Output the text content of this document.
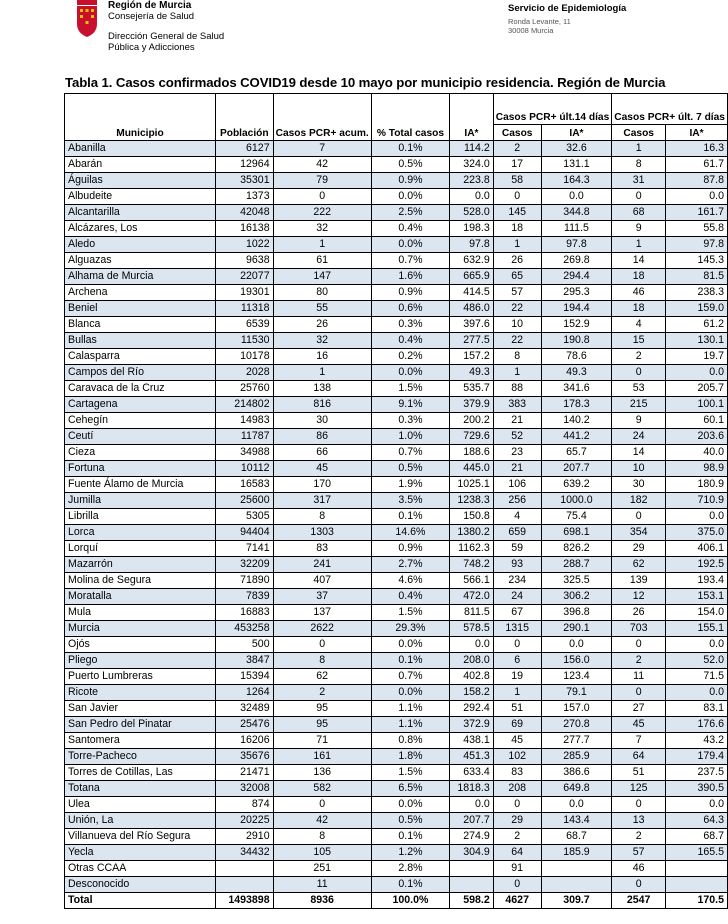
Región de Murcia
Consejería de Salud
Dirección General de Salud
Pública y Adicciones
Servicio de Epidemiología
Ronda Levante, 11
30008 Murcia
Tabla 1. Casos confirmados COVID19 desde 10 mayo por municipio residencia. Región de Murcia
Municipio	Población	Casos PCR+ acum.	% Total casos	IA*	Casos PCR+ últ.14 días		Casos PCR+ últ. 7 días	
					Casos	IA*	Casos	IA*
Abanilla	6127	7	0.1%	114.2	2	32.6	1	16.3
Abarán	12964	42	0.5%	324.0	17	131.1	8	61.7
Águilas	35301	79	0.9%	223.8	58	164.3	31	87.8
Albudeite	1373	0	0.0%	0.0	0	0.0	0	0.0
Alcantarilla	42048	222	2.5%	528.0	145	344.8	68	161.7
Alcázares, Los	16138	32	0.4%	198.3	18	111.5	9	55.8
Aledo	1022	1	0.0%	97.8	1	97.8	1	97.8
Alguazas	9638	61	0.7%	632.9	26	269.8	14	145.3
Alhama de Murcia	22077	147	1.6%	665.9	65	294.4	18	81.5
Archena	19301	80	0.9%	414.5	57	295.3	46	238.3
Beniel	11318	55	0.6%	486.0	22	194.4	18	159.0
Blanca	6539	26	0.3%	397.6	10	152.9	4	61.2
Bullas	11530	32	0.4%	277.5	22	190.8	15	130.1
Calasparra	10178	16	0.2%	157.2	8	78.6	2	19.7
Campos del Río	2028	1	0.0%	49.3	1	49.3	0	0.0
Caravaca de la Cruz	25760	138	1.5%	535.7	88	341.6	53	205.7
Cartagena	214802	816	9.1%	379.9	383	178.3	215	100.1
Cehegín	14983	30	0.3%	200.2	21	140.2	9	60.1
Ceutí	11787	86	1.0%	729.6	52	441.2	24	203.6
Cieza	34988	66	0.7%	188.6	23	65.7	14	40.0
Fortuna	10112	45	0.5%	445.0	21	207.7	10	98.9
Fuente Álamo de Murcia	16583	170	1.9%	1025.1	106	639.2	30	180.9
Jumilla	25600	317	3.5%	1238.3	256	1000.0	182	710.9
Librilla	5305	8	0.1%	150.8	4	75.4	0	0.0
Lorca	94404	1303	14.6%	1380.2	659	698.1	354	375.0
Lorquí	7141	83	0.9%	1162.3	59	826.2	29	406.1
Mazarrón	32209	241	2.7%	748.2	93	288.7	62	192.5
Molina de Segura	71890	407	4.6%	566.1	234	325.5	139	193.4
Moratalla	7839	37	0.4%	472.0	24	306.2	12	153.1
Mula	16883	137	1.5%	811.5	67	396.8	26	154.0
Murcia	453258	2622	29.3%	578.5	1315	290.1	703	155.1
Ojós	500	0	0.0%	0.0	0	0.0	0	0.0
Pliego	3847	8	0.1%	208.0	6	156.0	2	52.0
Puerto Lumbreras	15394	62	0.7%	402.8	19	123.4	11	71.5
Ricote	1264	2	0.0%	158.2	1	79.1	0	0.0
San Javier	32489	95	1.1%	292.4	51	157.0	27	83.1
San Pedro del Pinatar	25476	95	1.1%	372.9	69	270.8	45	176.6
Santomera	16206	71	0.8%	438.1	45	277.7	7	43.2
Torre-Pacheco	35676	161	1.8%	451.3	102	285.9	64	179.4
Torres de Cotillas, Las	21471	136	1.5%	633.4	83	386.6	51	237.5
Totana	32008	582	6.5%	1818.3	208	649.8	125	390.5
Ulea	874	0	0.0%	0.0	0	0.0	0	0.0
Unión, La	20225	42	0.5%	207.7	29	143.4	13	64.3
Villanueva del Río Segura	2910	8	0.1%	274.9	2	68.7	2	68.7
Yecla	34432	105	1.2%	304.9	64	185.9	57	165.5
Otras CCAA		251	2.8%		91		46	
Desconocido		11	0.1%		0		0	
Total	1493898	8936	100.0%	598.2	4627	309.7	2547	170.5
